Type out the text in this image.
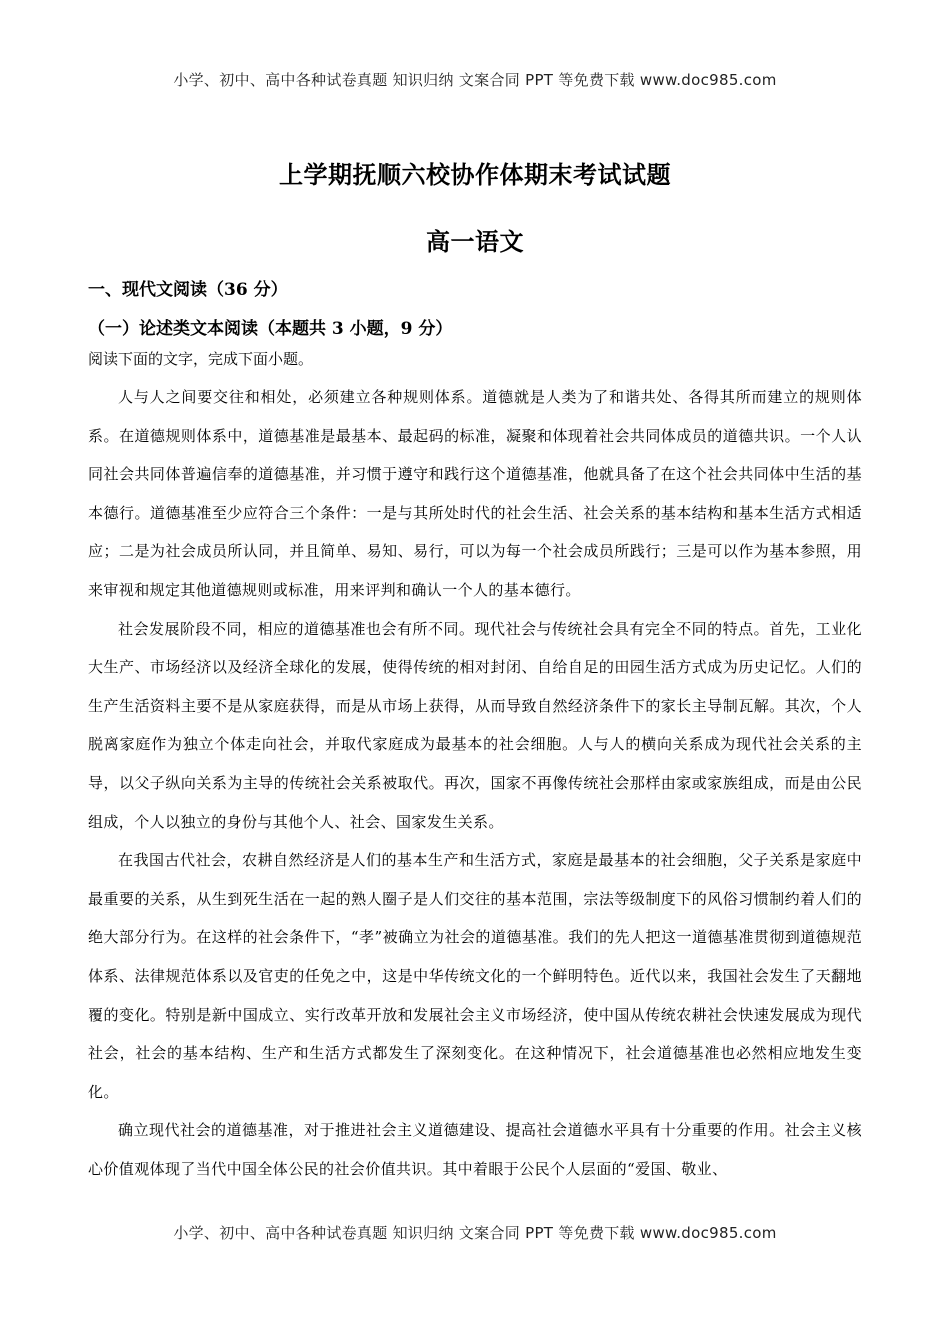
小学、初中、高中各种试卷真题 知识归纳 文案合同 PPT 等免费下载 www.doc985.com
上学期抚顺六校协作体期末考试试题
高一语文
一、现代文阅读（36 分）
（一）论述类文本阅读（本题共 3 小题，9 分）
阅读下面的文字，完成下面小题。

人与人之间要交往和相处，必须建立各种规则体系。道德就是人类为了和谐共处、各得其所而建立的规则体系。在道德规则体系中，道德基准是最基本、最起码的标准，凝聚和体现着社会共同体成员的道德共识。一个人认同社会共同体普遍信奉的道德基准，并习惯于遵守和践行这个道德基准，他就具备了在这个社会共同体中生活的基本德行。道德基准至少应符合三个条件：一是与其所处时代的社会生活、社会关系的基本结构和基本生活方式相适应；二是为社会成员所认同，并且简单、易知、易行，可以为每一个社会成员所践行；三是可以作为基本参照，用来审视和规定其他道德规则或标准，用来评判和确认一个人的基本德行。

社会发展阶段不同，相应的道德基准也会有所不同。现代社会与传统社会具有完全不同的特点。首先，工业化大生产、市场经济以及经济全球化的发展，使得传统的相对封闭、自给自足的田园生活方式成为历史记忆。人们的生产生活资料主要不是从家庭获得，而是从市场上获得，从而导致自然经济条件下的家长主导制瓦解。其次，个人脱离家庭作为独立个体走向社会，并取代家庭成为最基本的社会细胞。人与人的横向关系成为现代社会关系的主导，以父子纵向关系为主导的传统社会关系被取代。再次，国家不再像传统社会那样由家或家族组成，而是由公民组成，个人以独立的身份与其他个人、社会、国家发生关系。

在我国古代社会，农耕自然经济是人们的基本生产和生活方式，家庭是最基本的社会细胞，父子关系是家庭中最重要的关系，从生到死生活在一起的熟人圈子是人们交往的基本范围，宗法等级制度下的风俗习惯制约着人们的绝大部分行为。在这样的社会条件下，“孝”被确立为社会的道德基准。我们的先人把这一道德基准贯彻到道德规范体系、法律规范体系以及官吏的任免之中，这是中华传统文化的一个鲜明特色。近代以来，我国社会发生了天翻地覆的变化。特别是新中国成立、实行改革开放和发展社会主义市场经济，使中国从传统农耕社会快速发展成为现代社会，社会的基本结构、生产和生活方式都发生了深刻变化。在这种情况下，社会道德基准也必然相应地发生变化。

确立现代社会的道德基准，对于推进社会主义道德建设、提高社会道德水平具有十分重要的作用。社会主义核心价值观体现了当代中国全体公民的社会价值共识。其中着眼于公民个人层面的“爱国、敬业、

小学、初中、高中各种试卷真题 知识归纳 文案合同 PPT 等免费下载 www.doc985.com
